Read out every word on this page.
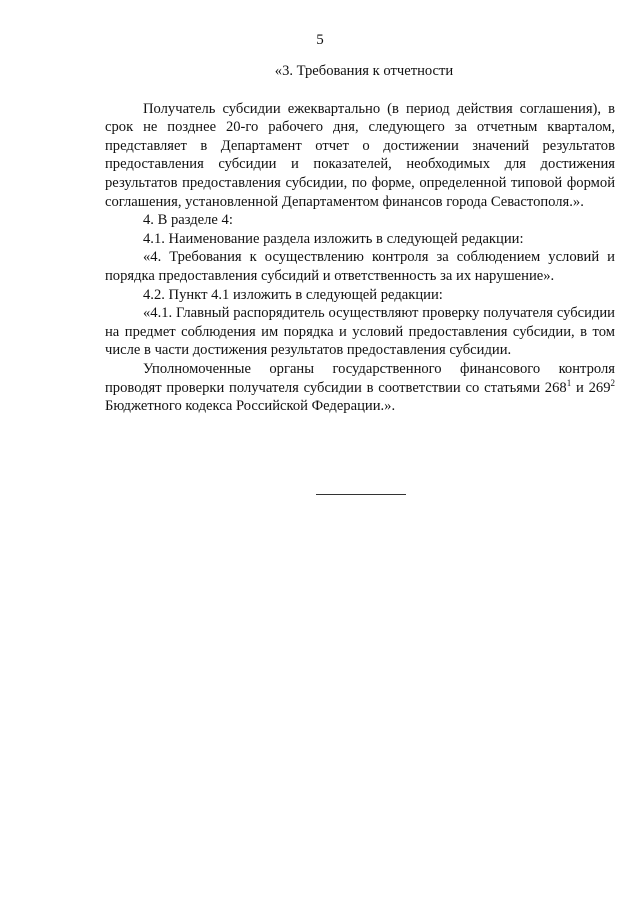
5
«3. Требования к отчетности

Получатель субсидии ежеквартально (в период действия соглашения), в срок не позднее 20-го рабочего дня, следующего за отчетным кварталом, представляет в Департамент отчет о достижении значений результатов предоставления субсидии и показателей, необходимых для достижения результатов предоставления субсидии, по форме, определенной типовой формой соглашения, установленной Департаментом финансов города Севастополя.».

4. В разделе 4:

4.1. Наименование раздела изложить в следующей редакции:

«4. Требования к осуществлению контроля за соблюдением условий и порядка предоставления субсидий и ответственность за их нарушение».

4.2. Пункт 4.1 изложить в следующей редакции:

«4.1. Главный распорядитель осуществляют проверку получателя субсидии на предмет соблюдения им порядка и условий предоставления субсидии, в том числе в части достижения результатов предоставления субсидии.

Уполномоченные органы государственного финансового контроля проводят проверки получателя субсидии в соответствии со статьями $268^1$ и $269^2$ Бюджетного кодекса Российской Федерации.».
